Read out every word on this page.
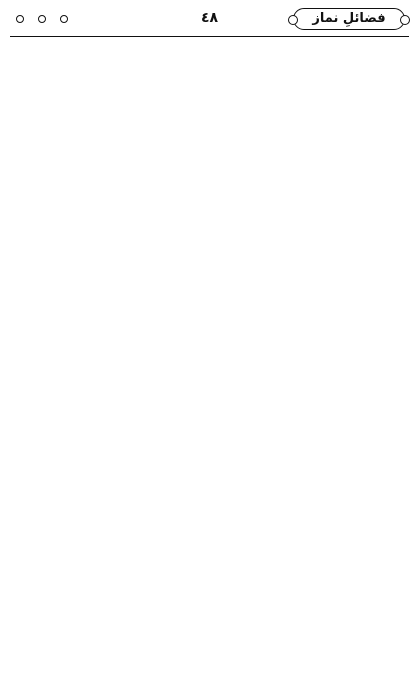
فضائلِ نماز
٤٨
